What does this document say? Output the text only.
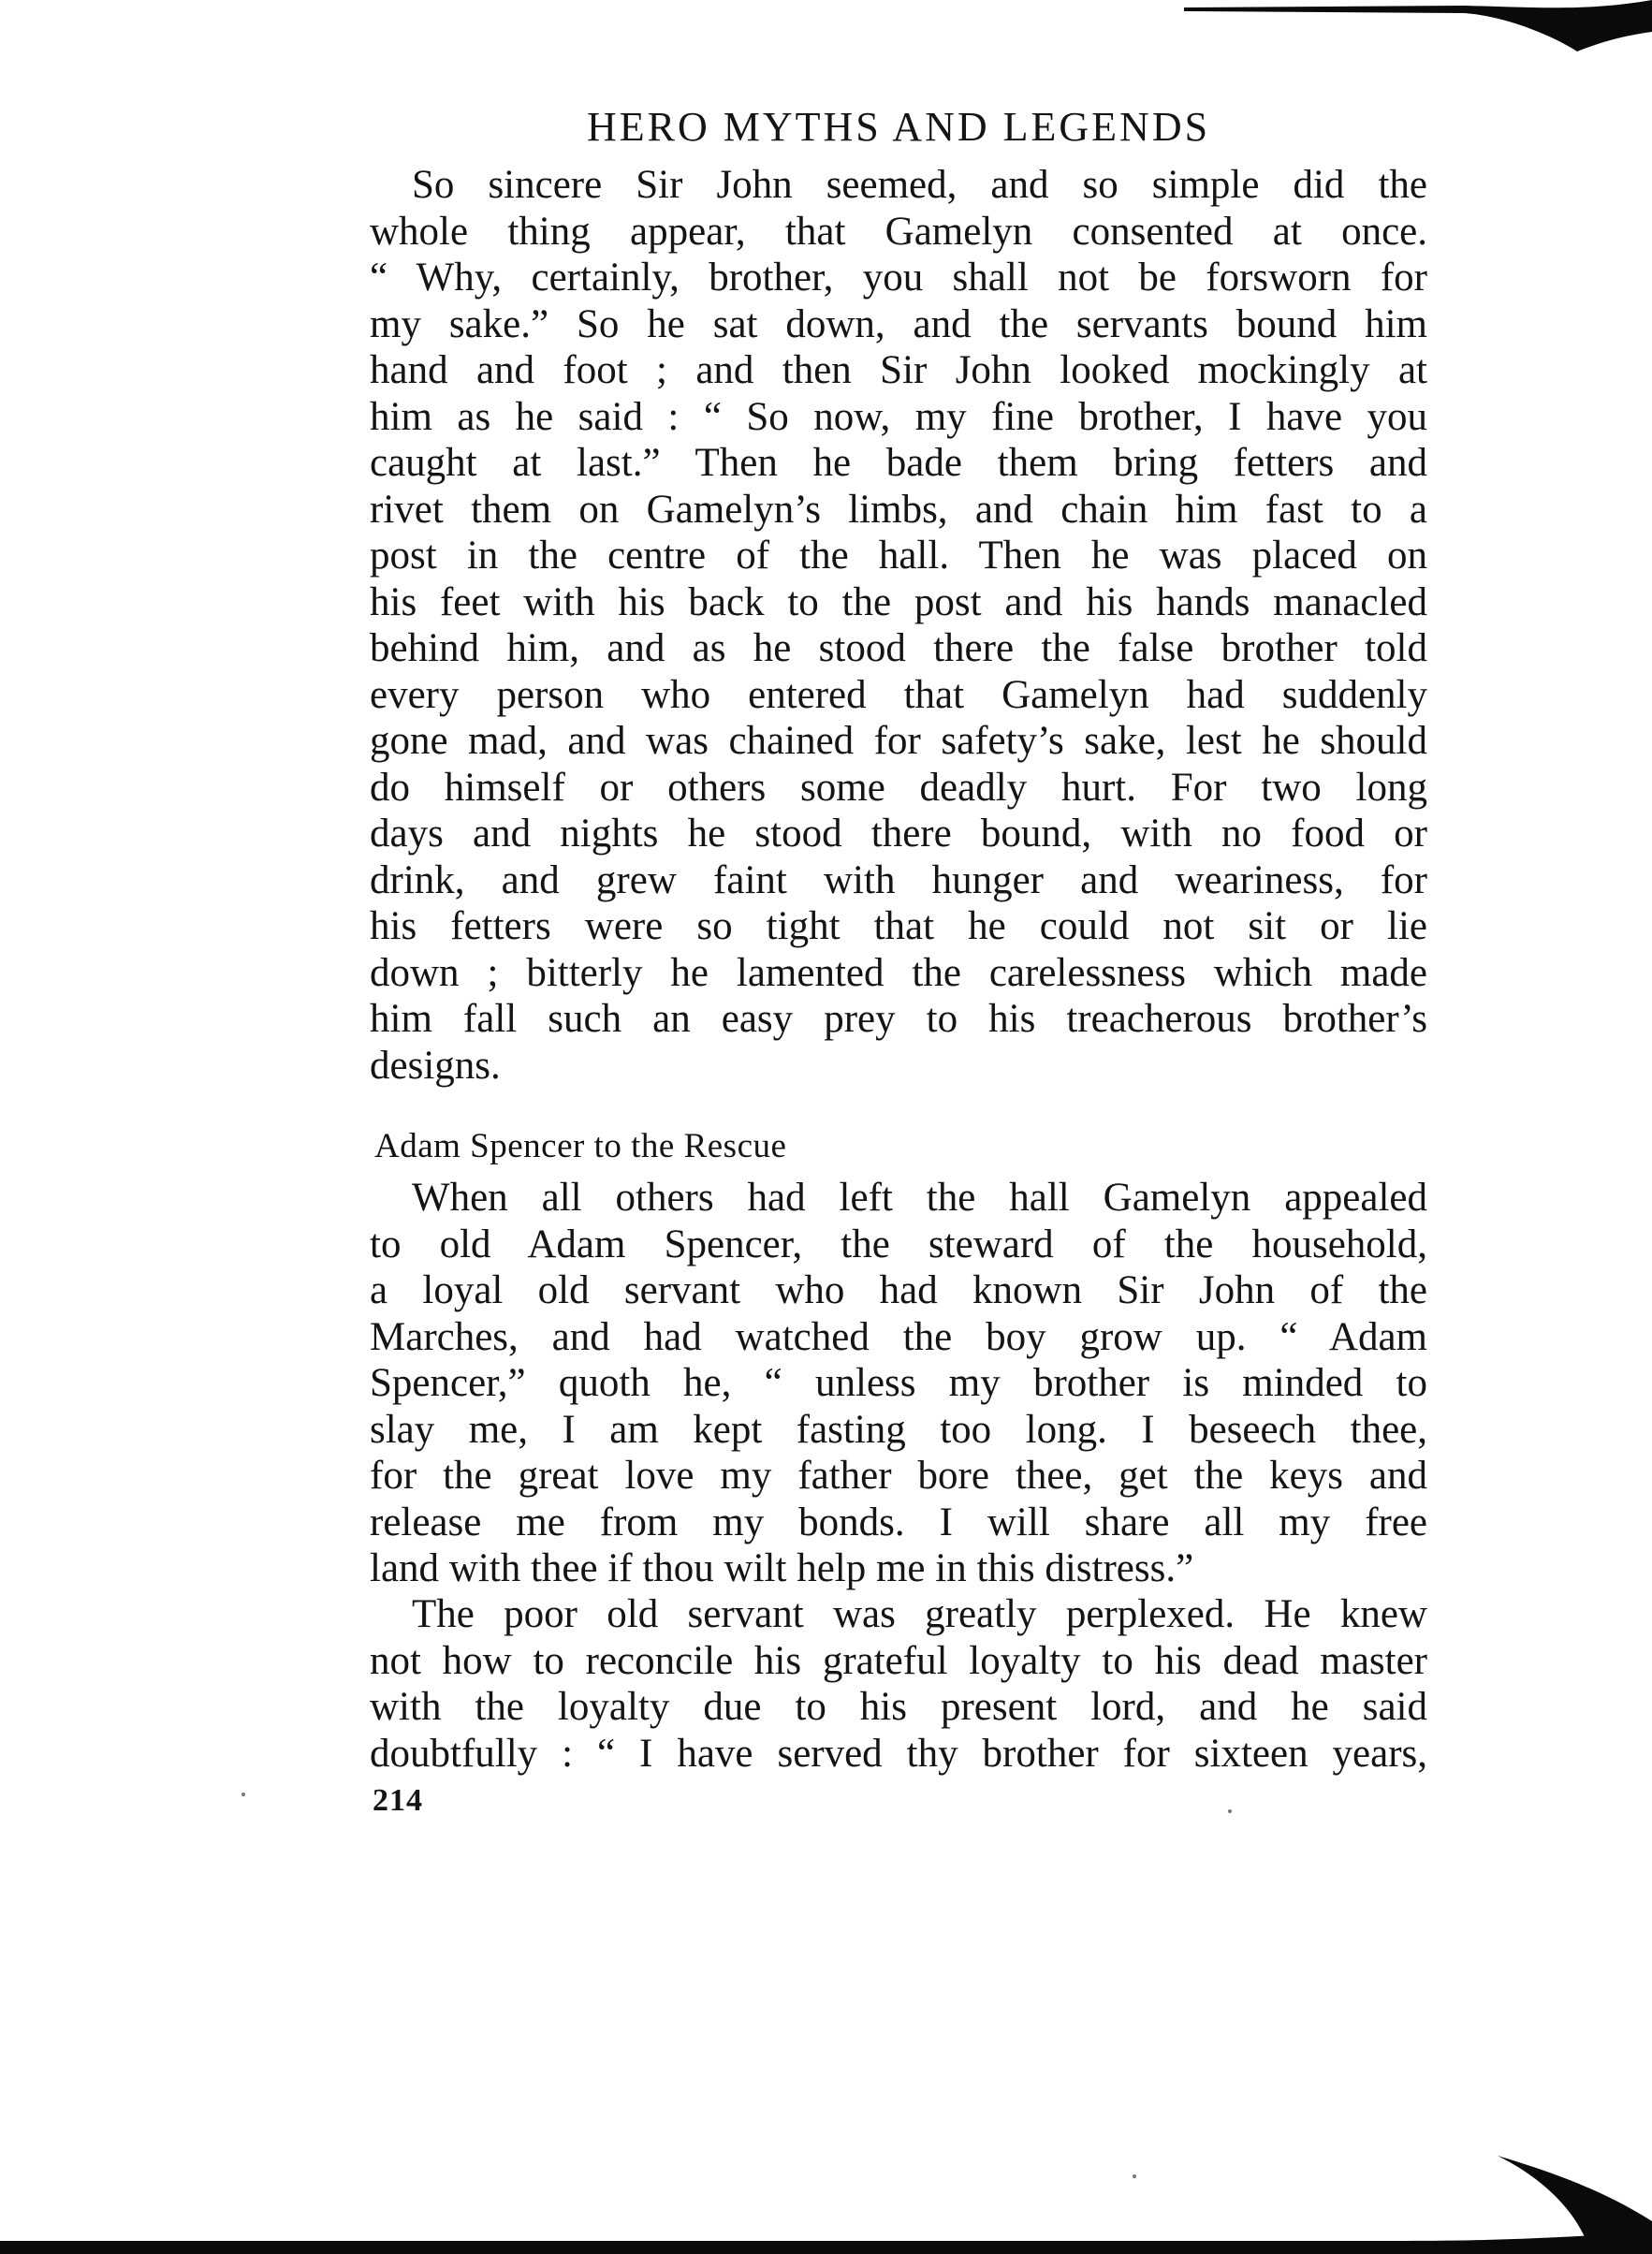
HERO MYTHS AND LEGENDS
So sincere Sir John seemed, and so simple did the
whole thing appear, that Gamelyn consented at once.
“ Why, certainly, brother, you shall not be forsworn for
my sake.” So he sat down, and the servants bound him
hand and foot ; and then Sir John looked mockingly at
him as he said : “ So now, my fine brother, I have you
caught at last.” Then he bade them bring fetters and
rivet them on Gamelyn’s limbs, and chain him fast to a
post in the centre of the hall. Then he was placed on
his feet with his back to the post and his hands manacled
behind him, and as he stood there the false brother told
every person who entered that Gamelyn had suddenly
gone mad, and was chained for safety’s sake, lest he should
do himself or others some deadly hurt. For two long
days and nights he stood there bound, with no food or
drink, and grew faint with hunger and weariness, for
his fetters were so tight that he could not sit or lie
down ; bitterly he lamented the carelessness which made
him fall such an easy prey to his treacherous brother’s
designs.
Adam Spencer to the Rescue
When all others had left the hall Gamelyn appealed
to old Adam Spencer, the steward of the household,
a loyal old servant who had known Sir John of the
Marches, and had watched the boy grow up. “ Adam
Spencer,” quoth he, “ unless my brother is minded to
slay me, I am kept fasting too long. I beseech thee,
for the great love my father bore thee, get the keys and
release me from my bonds. I will share all my free
land with thee if thou wilt help me in this distress.”
The poor old servant was greatly perplexed. He knew
not how to reconcile his grateful loyalty to his dead master
with the loyalty due to his present lord, and he said
doubtfully : “ I have served thy brother for sixteen years,
214
